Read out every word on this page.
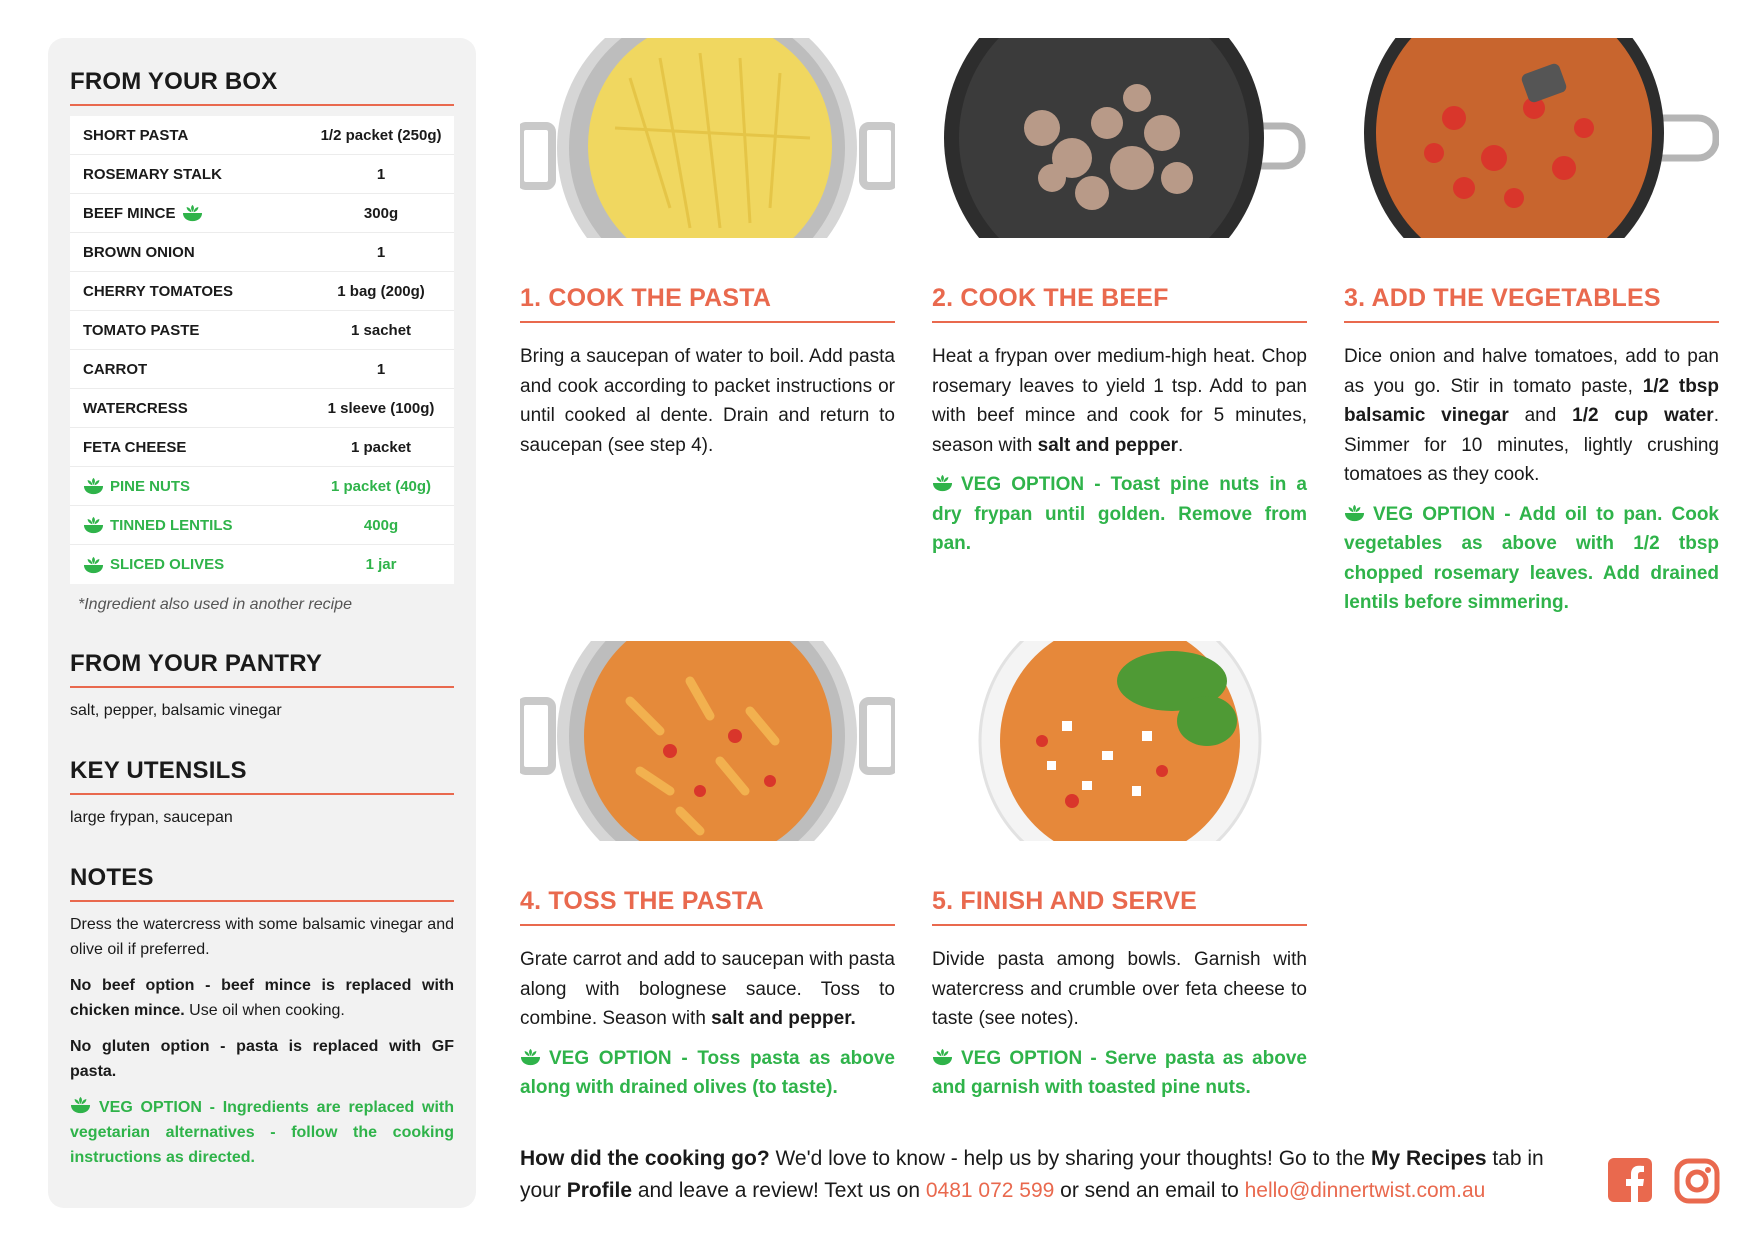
FROM YOUR BOX
SHORT PASTA	1/2 packet (250g)
ROSEMARY STALK	1
BEEF MINCE	300g
BROWN ONION	1
CHERRY TOMATOES	1 bag (200g)
TOMATO PASTE	1 sachet
CARROT	1
WATERCRESS	1 sleeve (100g)
FETA CHEESE	1 packet
PINE NUTS	1 packet (40g)
TINNED LENTILS	400g
SLICED OLIVES	1 jar
*Ingredient also used in another recipe
FROM YOUR PANTRY
salt, pepper, balsamic vinegar
KEY UTENSILS
large frypan, saucepan
NOTES

Dress the watercress with some balsamic vinegar and olive oil if preferred.

No beef option - beef mince is replaced with chicken mince. Use oil when cooking.

No gluten option - pasta is replaced with GF pasta.

VEG OPTION - Ingredients are replaced with vegetarian alternatives - follow the cooking instructions as directed.

1. COOK THE PASTA

Bring a saucepan of water to boil. Add pasta and cook according to packet instructions or until cooked al dente. Drain and return to saucepan (see step 4).

2. COOK THE BEEF

Heat a frypan over medium-high heat. Chop rosemary leaves to yield 1 tsp. Add to pan with beef mince and cook for 5 minutes, season with salt and pepper.

VEG OPTION - Toast pine nuts in a dry frypan until golden. Remove from pan.

3. ADD THE VEGETABLES

Dice onion and halve tomatoes, add to pan as you go. Stir in tomato paste, 1/2 tbsp balsamic vinegar and 1/2 cup water. Simmer for 10 minutes, lightly crushing tomatoes as they cook.

VEG OPTION - Add oil to pan. Cook vegetables as above with 1/2 tbsp chopped rosemary leaves. Add drained lentils before simmering.

4. TOSS THE PASTA

Grate carrot and add to saucepan with pasta along with bolognese sauce. Toss to combine. Season with salt and pepper.

VEG OPTION - Toss pasta as above along with drained olives (to taste).

5. FINISH AND SERVE

Divide pasta among bowls. Garnish with watercress and crumble over feta cheese to taste (see notes).

VEG OPTION - Serve pasta as above and garnish with toasted pine nuts.

How did the cooking go? We'd love to know - help us by sharing your thoughts! Go to the My Recipes tab in your Profile and leave a review! Text us on 0481 072 599 or send an email to hello@dinnertwist.com.au
